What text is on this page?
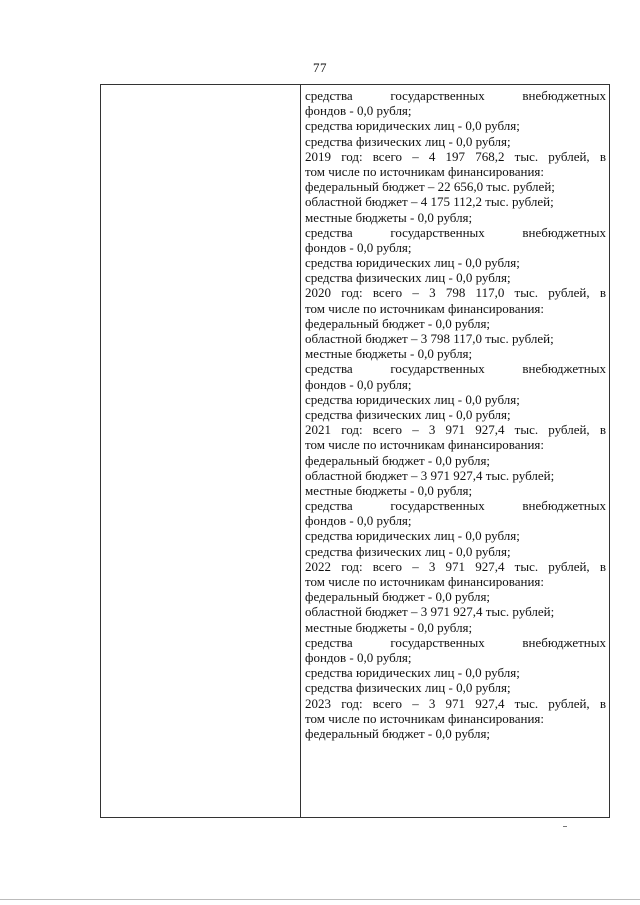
77

средства государственных внебюджетных
фондов - 0,0 рубля;
средства юридических лиц - 0,0 рубля;
средства физических лиц - 0,0 рубля;
2019 год: всего – 4 197 768,2 тыс. рублей, в
том числе по источникам финансирования:
федеральный бюджет – 22 656,0 тыс. рублей;
областной бюджет – 4 175 112,2 тыс. рублей;
местные бюджеты - 0,0 рубля;
средства государственных внебюджетных
фондов - 0,0 рубля;
средства юридических лиц - 0,0 рубля;
средства физических лиц - 0,0 рубля;
2020 год: всего – 3 798 117,0 тыс. рублей, в
том числе по источникам финансирования:
федеральный бюджет - 0,0 рубля;
областной бюджет – 3 798 117,0 тыс. рублей;
местные бюджеты - 0,0 рубля;
средства государственных внебюджетных
фондов - 0,0 рубля;
средства юридических лиц - 0,0 рубля;
средства физических лиц - 0,0 рубля;
2021 год: всего – 3 971 927,4 тыс. рублей, в
том числе по источникам финансирования:
федеральный бюджет - 0,0 рубля;
областной бюджет – 3 971 927,4 тыс. рублей;
местные бюджеты - 0,0 рубля;
средства государственных внебюджетных
фондов - 0,0 рубля;
средства юридических лиц - 0,0 рубля;
средства физических лиц - 0,0 рубля;
2022 год: всего – 3 971 927,4 тыс. рублей, в
том числе по источникам финансирования:
федеральный бюджет - 0,0 рубля;
областной бюджет – 3 971 927,4 тыс. рублей;
местные бюджеты - 0,0 рубля;
средства государственных внебюджетных
фондов - 0,0 рубля;
средства юридических лиц - 0,0 рубля;
средства физических лиц - 0,0 рубля;
2023 год: всего – 3 971 927,4 тыс. рублей, в
том числе по источникам финансирования:
федеральный бюджет - 0,0 рубля;
